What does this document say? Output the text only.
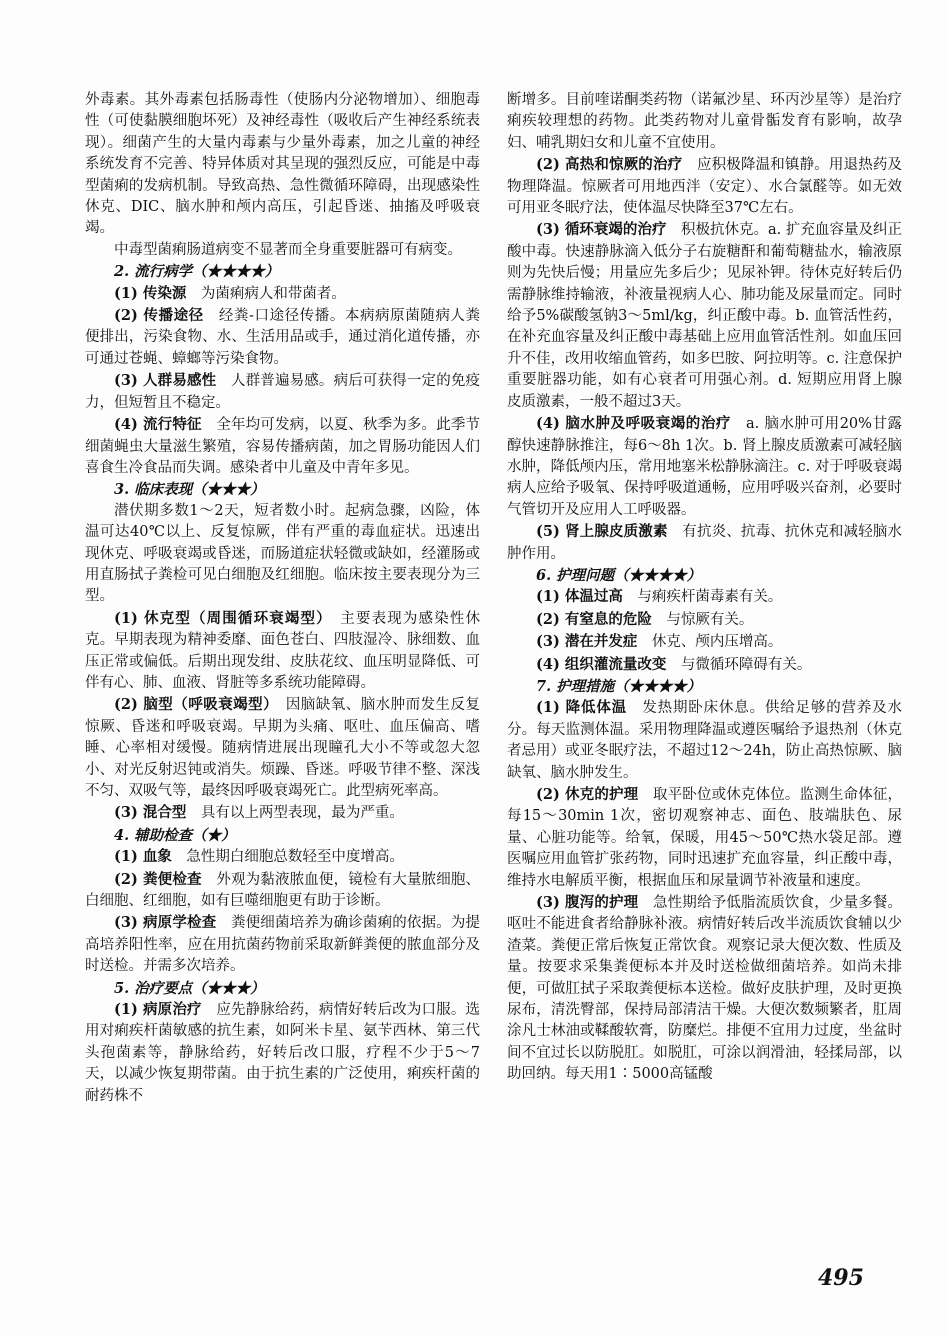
外毒素。其外毒素包括肠毒性（使肠内分泌物增加）、细胞毒性（可使黏膜细胞坏死）及神经毒性（吸收后产生神经系统表现）。细菌产生的大量内毒素与少量外毒素，加之儿童的神经系统发育不完善、特异体质对其呈现的强烈反应，可能是中毒型菌痢的发病机制。导致高热、急性微循环障碍，出现感染性休克、DIC、脑水肿和颅内高压，引起昏迷、抽搐及呼吸衰竭。

中毒型菌痢肠道病变不显著而全身重要脏器可有病变。

2. 流行病学（★★★★）

(1) 传染源　 为菌痢病人和带菌者。

(2) 传播途径　 经粪-口途径传播。本病病原菌随病人粪便排出，污染食物、水、生活用品或手，通过消化道传播，亦可通过苍蝇、蟑螂等污染食物。

(3) 人群易感性　 人群普遍易感。病后可获得一定的免疫力，但短暂且不稳定。

(4) 流行特征　 全年均可发病，以夏、秋季为多。此季节细菌蝇虫大量滋生繁殖，容易传播病菌，加之胃肠功能因人们喜食生冷食品而失调。感染者中儿童及中青年多见。

3. 临床表现（★★★）

潜伏期多数1～2天，短者数小时。起病急骤，凶险，体温可达40℃以上、反复惊厥，伴有严重的毒血症状。迅速出现休克、呼吸衰竭或昏迷，而肠道症状轻微或缺如，经灌肠或用直肠拭子粪检可见白细胞及红细胞。临床按主要表现分为三型。

(1) 休克型（周围循环衰竭型）　 主要表现为感染性休克。早期表现为精神委靡、面色苍白、四肢湿冷、脉细数、血压正常或偏低。后期出现发绀、皮肤花纹、血压明显降低、可伴有心、肺、血液、肾脏等多系统功能障碍。

(2) 脑型（呼吸衰竭型）　 因脑缺氧、脑水肿而发生反复惊厥、昏迷和呼吸衰竭。早期为头痛、呕吐、血压偏高、嗜睡、心率相对缓慢。随病情进展出现瞳孔大小不等或忽大忽小、对光反射迟钝或消失。烦躁、昏迷。呼吸节律不整、深浅不匀、双吸气等，最终因呼吸衰竭死亡。此型病死率高。

(3) 混合型　 具有以上两型表现，最为严重。

4. 辅助检查（★）

(1) 血象　 急性期白细胞总数轻至中度增高。

(2) 粪便检查　 外观为黏液脓血便，镜检有大量脓细胞、白细胞、红细胞，如有巨噬细胞更有助于诊断。

(3) 病原学检查　 粪便细菌培养为确诊菌痢的依据。为提高培养阳性率，应在用抗菌药物前采取新鲜粪便的脓血部分及时送检。并需多次培养。

5. 治疗要点（★★★）

(1) 病原治疗　 应先静脉给药，病情好转后改为口服。选用对痢疾杆菌敏感的抗生素，如阿米卡星、氨苄西林、第三代头孢菌素等，静脉给药，好转后改口服，疗程不少于5～7天，以减少恢复期带菌。由于抗生素的广泛使用，痢疾杆菌的耐药株不

断增多。目前喹诺酮类药物（诺氟沙星、环丙沙星等）是治疗痢疾较理想的药物。此类药物对儿童骨骺发育有影响，故孕妇、哺乳期妇女和儿童不宜使用。

(2) 高热和惊厥的治疗　 应积极降温和镇静。用退热药及物理降温。惊厥者可用地西泮（安定）、水合氯醛等。如无效可用亚冬眠疗法，使体温尽快降至37℃左右。

(3) 循环衰竭的治疗　 积极抗休克。a. 扩充血容量及纠正酸中毒。快速静脉滴入低分子右旋糖酐和葡萄糖盐水，输液原则为先快后慢；用量应先多后少；见尿补钾。待休克好转后仍需静脉维持输液，补液量视病人心、肺功能及尿量而定。同时给予5%碳酸氢钠3～5ml/kg，纠正酸中毒。b. 血管活性药，在补充血容量及纠正酸中毒基础上应用血管活性剂。如血压回升不佳，改用收缩血管药，如多巴胺、阿拉明等。c. 注意保护重要脏器功能，如有心衰者可用强心剂。d. 短期应用肾上腺皮质激素，一般不超过3天。

(4) 脑水肿及呼吸衰竭的治疗　 a. 脑水肿可用20%甘露醇快速静脉推注，每6～8h 1次。b. 肾上腺皮质激素可减轻脑水肿，降低颅内压，常用地塞米松静脉滴注。c. 对于呼吸衰竭病人应给予吸氧、保持呼吸道通畅，应用呼吸兴奋剂，必要时气管切开及应用人工呼吸器。

(5) 肾上腺皮质激素　 有抗炎、抗毒、抗休克和减轻脑水肿作用。

6. 护理问题（★★★★）

(1) 体温过高　 与痢疾杆菌毒素有关。

(2) 有窒息的危险　 与惊厥有关。

(3) 潜在并发症　 休克、颅内压增高。

(4) 组织灌流量改变　 与微循环障碍有关。

7. 护理措施（★★★★）

(1) 降低体温　 发热期卧床休息。供给足够的营养及水分。每天监测体温。采用物理降温或遵医嘱给予退热剂（休克者忌用）或亚冬眠疗法，不超过12～24h，防止高热惊厥、脑缺氧、脑水肿发生。

(2) 休克的护理　 取平卧位或休克体位。监测生命体征，每15～30min 1次，密切观察神志、面色、肢端肤色、尿量、心脏功能等。给氧，保暖，用45～50℃热水袋足部。遵医嘱应用血管扩张药物，同时迅速扩充血容量，纠正酸中毒，维持水电解质平衡，根据血压和尿量调节补液量和速度。

(3) 腹泻的护理　 急性期给予低脂流质饮食，少量多餐。呕吐不能进食者给静脉补液。病情好转后改半流质饮食辅以少渣菜。粪便正常后恢复正常饮食。观察记录大便次数、性质及量。按要求采集粪便标本并及时送检做细菌培养。如尚未排便，可做肛拭子采取粪便标本送检。做好皮肤护理，及时更换尿布，清洗臀部，保持局部清洁干燥。大便次数频繁者，肛周涂凡士林油或鞣酸软膏，防糜烂。排便不宜用力过度，坐盆时间不宜过长以防脱肛。如脱肛，可涂以润滑油，轻揉局部，以助回纳。每天用1∶5000高锰酸

495
